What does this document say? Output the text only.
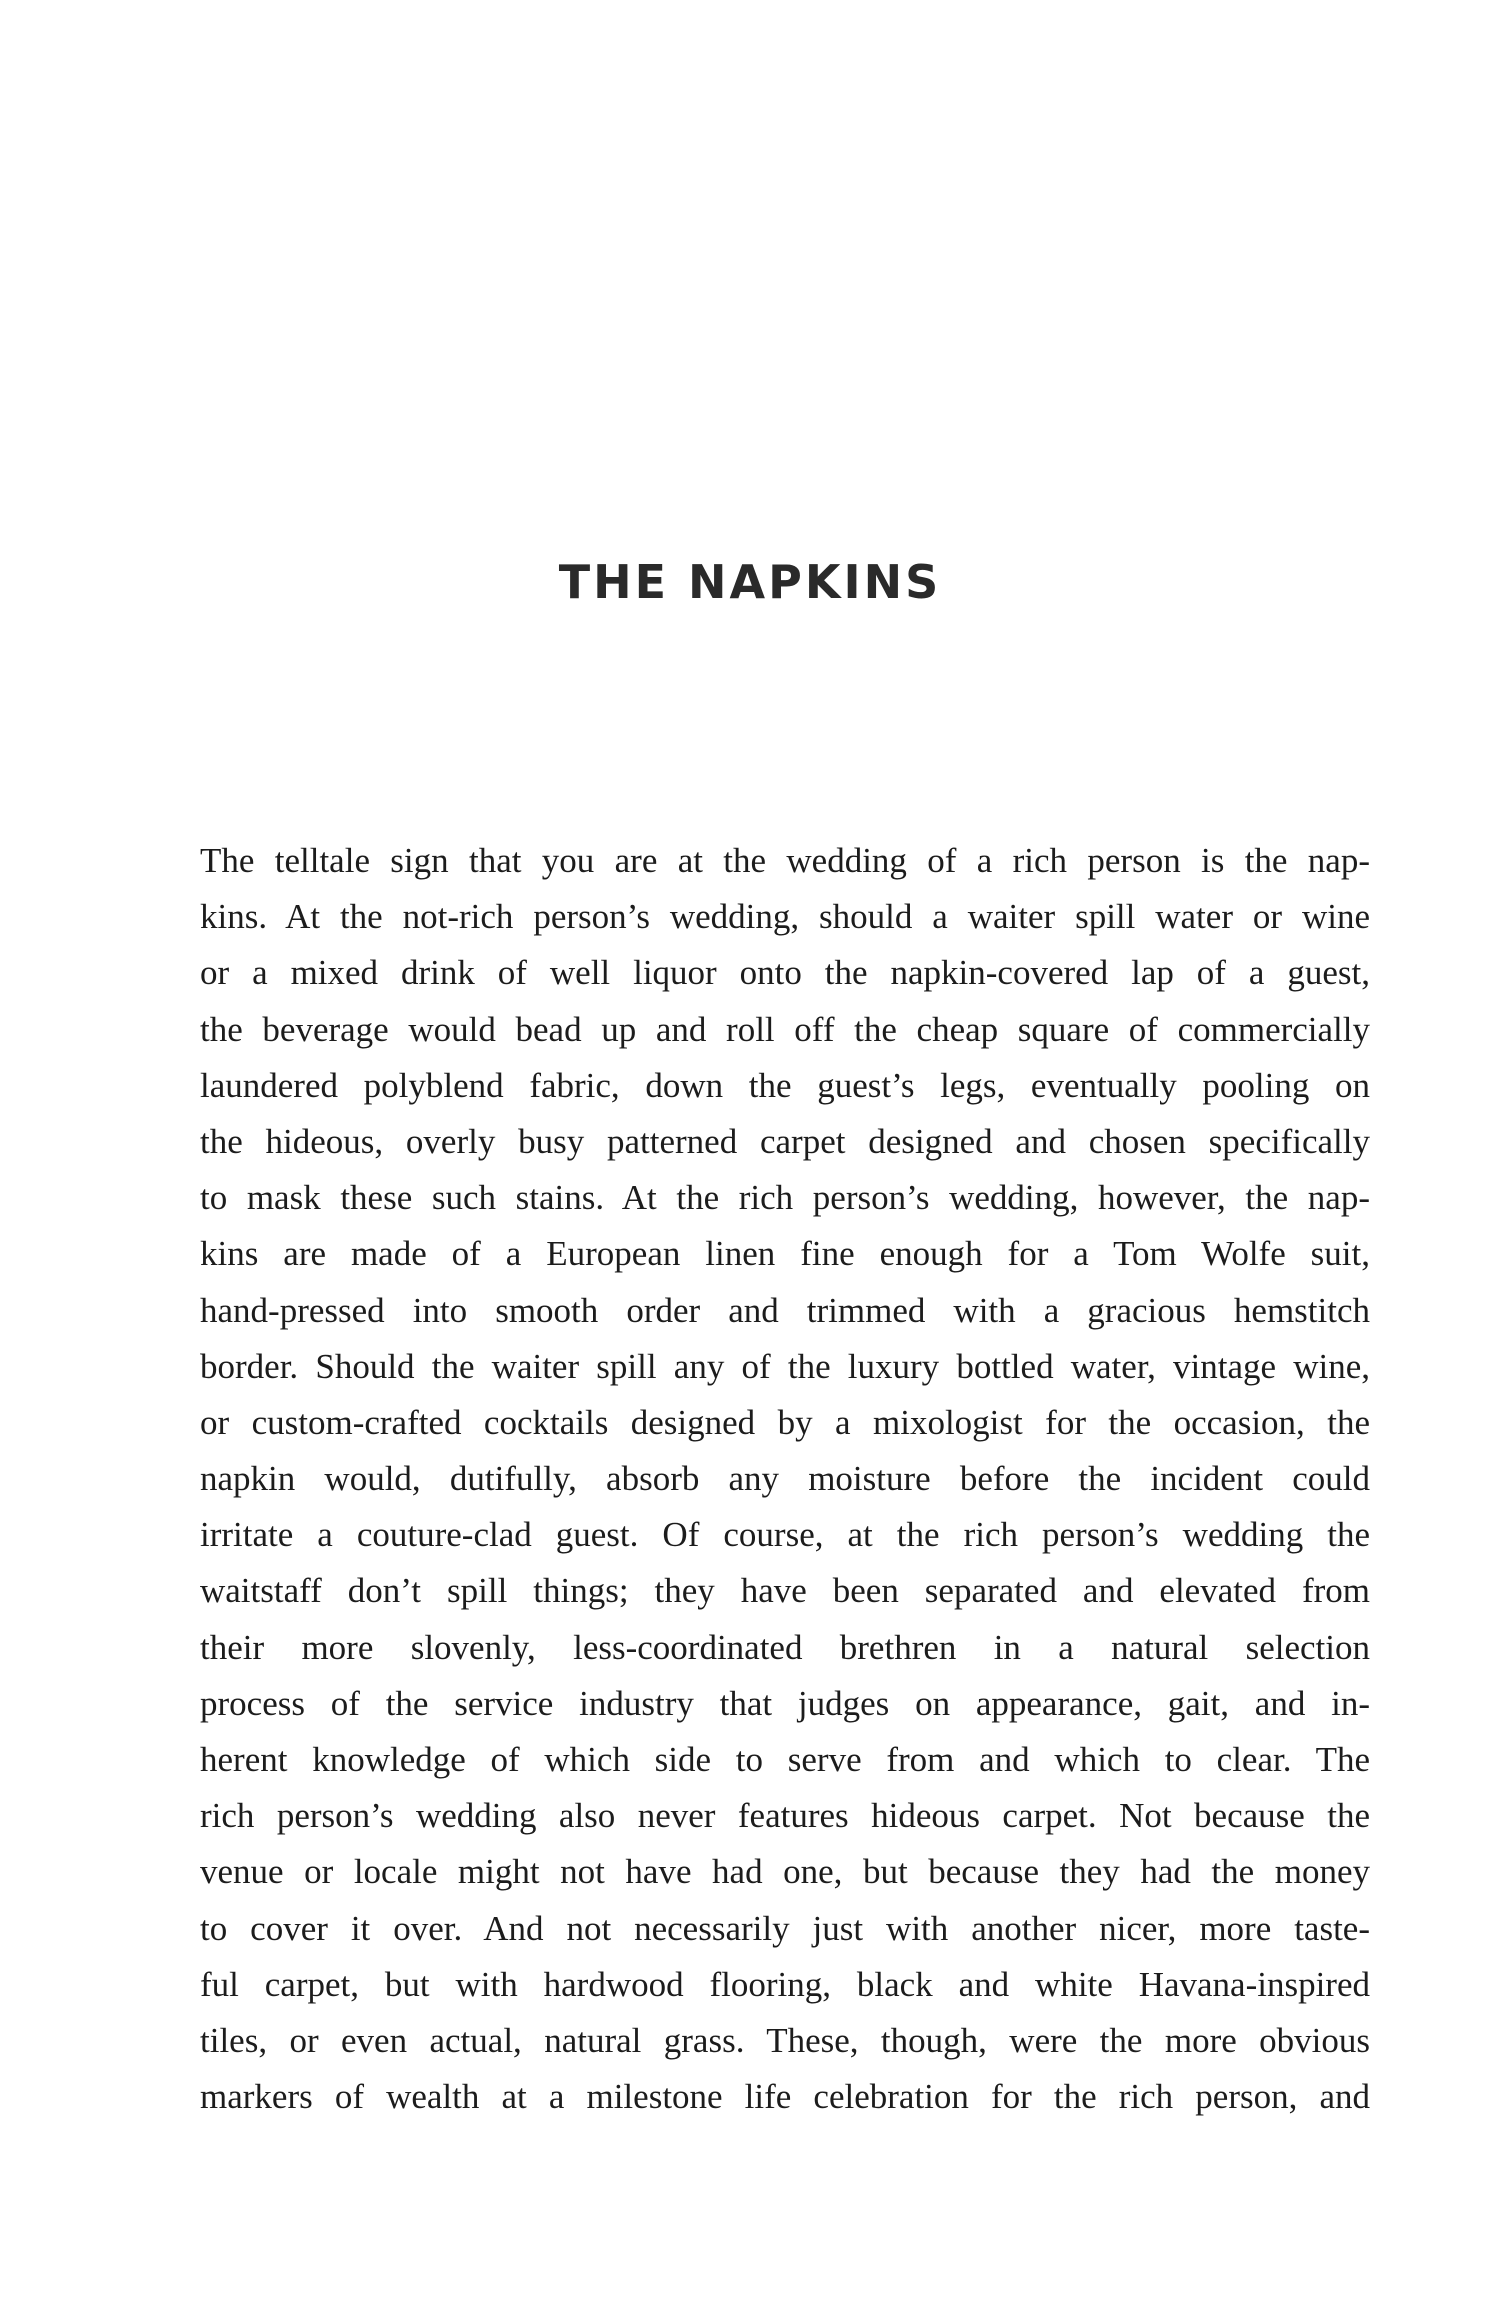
THE NAPKINS
The telltale sign that you are at the wedding of a rich person is the nap-
kins. At the not-rich person’s wedding, should a waiter spill water or wine
or a mixed drink of well liquor onto the napkin-covered lap of a guest,
the beverage would bead up and roll off the cheap square of commercially
laundered polyblend fabric, down the guest’s legs, eventually pooling on
the hideous, overly busy patterned carpet designed and chosen specifically
to mask these such stains. At the rich person’s wedding, however, the nap-
kins are made of a European linen fine enough for a Tom Wolfe suit,
hand-pressed into smooth order and trimmed with a gracious hemstitch
border. Should the waiter spill any of the luxury bottled water, vintage wine,
or custom-crafted cocktails designed by a mixologist for the occasion, the
napkin would, dutifully, absorb any moisture before the incident could
irritate a couture-clad guest. Of course, at the rich person’s wedding the
waitstaff don’t spill things; they have been separated and elevated from
their more slovenly, less-coordinated brethren in a natural selection
process of the service industry that judges on appearance, gait, and in-
herent knowledge of which side to serve from and which to clear. The
rich person’s wedding also never features hideous carpet. Not because the
venue or locale might not have had one, but because they had the money
to cover it over. And not necessarily just with another nicer, more taste-
ful carpet, but with hardwood flooring, black and white Havana-inspired
tiles, or even actual, natural grass. These, though, were the more obvious
markers of wealth at a milestone life celebration for the rich person, and
